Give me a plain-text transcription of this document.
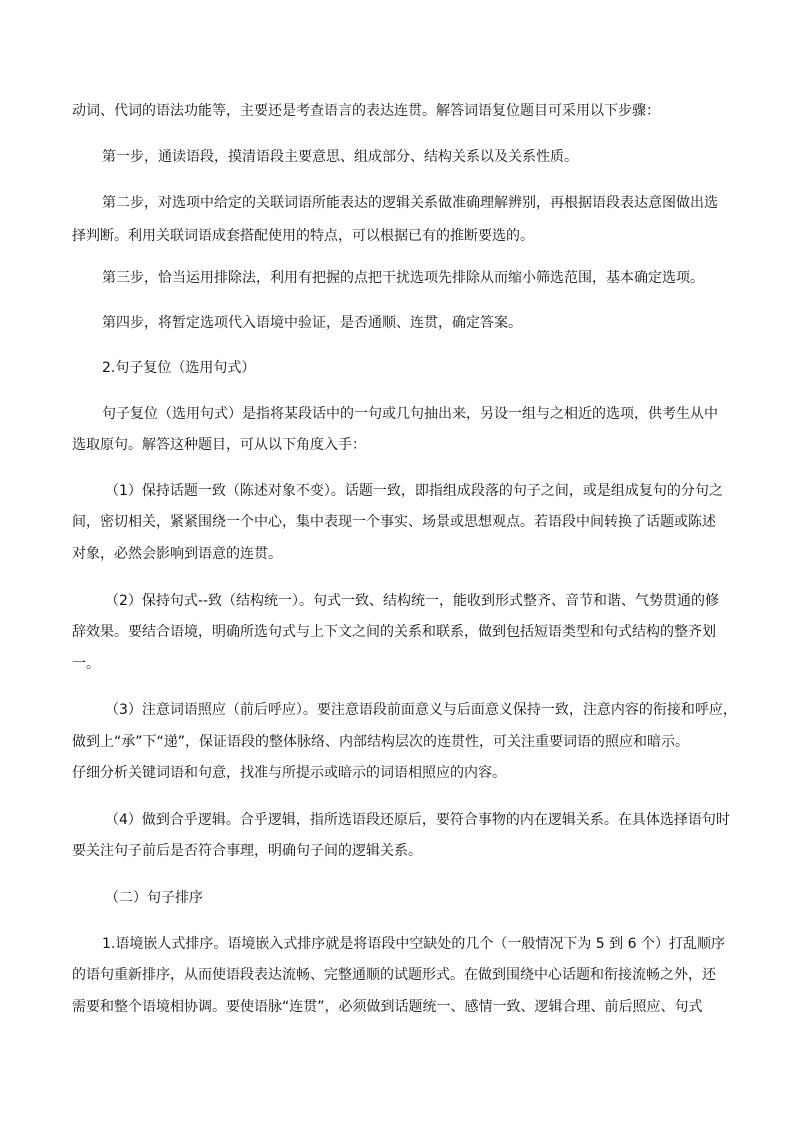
动词、代词的语法功能等，主要还是考查语言的表达连贯。解答词语复位题目可采用以下步骤：

第一步，通读语段，摸清语段主要意思、组成部分、结构关系以及关系性质。

第二步，对选项中给定的关联词语所能表达的逻辑关系做准确理解辨别，再根据语段表达意图做出选

择判断。利用关联词语成套搭配使用的特点，可以根据已有的推断要选的。

第三步，恰当运用排除法，利用有把握的点把干扰选项先排除从而缩小筛选范围，基本确定选项。

第四步，将暂定选项代入语境中验证，是否通顺、连贯，确定答案。

2.句子复位（选用句式）

句子复位（选用句式）是指将某段话中的一句或几句抽出来，另设一组与之相近的选项，供考生从中

选取原句。解答这种题目，可从以下角度入手：

（1）保持话题一致（陈述对象不变）。话题一致，即指组成段落的句子之间，或是组成复句的分句之

间，密切相关，紧紧围绕一个中心，集中表现一个事实、场景或思想观点。若语段中间转换了话题或陈述

对象，必然会影响到语意的连贯。

（2）保持句式--致（结构统一）。句式一致、结构统一，能收到形式整齐、音节和谐、气势贯通的修

辞效果。要结合语境，明确所选句式与上下文之间的关系和联系，做到包括短语类型和句式结构的整齐划

一。

（3）注意词语照应（前后呼应）。要注意语段前面意义与后面意义保持一致，注意内容的衔接和呼应，

做到上“承”下“递”，保证语段的整体脉络、内部结构层次的连贯性，可关注重要词语的照应和暗示。

仔细分析关键词语和句意，找准与所提示或暗示的词语相照应的内容。

（4）做到合乎逻辑。合乎逻辑，指所选语段还原后，要符合事物的内在逻辑关系。在具体选择语句时

要关注句子前后是否符合事理，明确句子间的逻辑关系。

（二）句子排序

1.语境嵌人式排序。语境嵌入式排序就是将语段中空缺处的几个（一般情况下为 5 到 6 个）打乱顺序

的语句重新排序，从而使语段表达流畅、完整通顺的试题形式。在做到围绕中心话题和衔接流畅之外，还

需要和整个语境相协调。要使语脉“连贯”，必须做到话题统一、感情一致、逻辑合理、前后照应、句式
